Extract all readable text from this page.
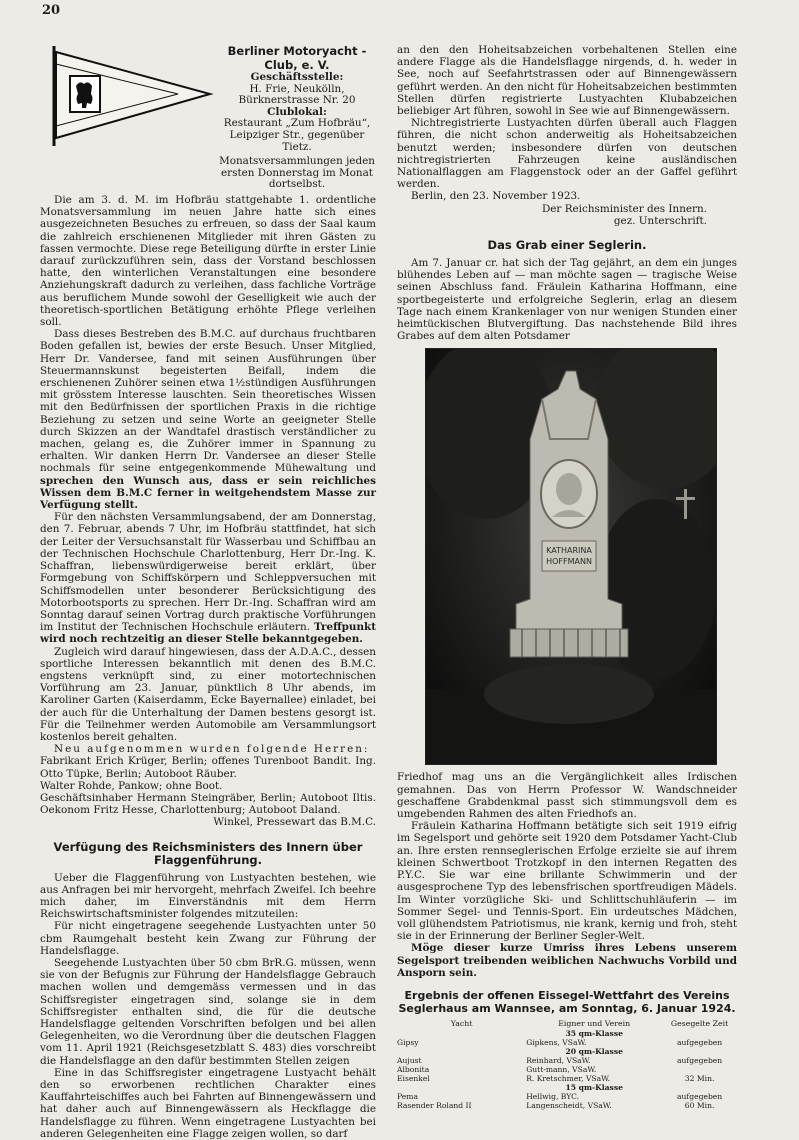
20
Berliner Motoryacht - Club, e. V.

Geschäftsstelle:

H. Frie, Neukölln, Bürknerstrasse Nr. 20

Clublokal:

Restaurant „Zum Hofbräu“, Leipziger Str., gegenüber Tietz.

Monatsversammlungen jeden ersten Donnerstag im Monat dortselbst.

Die am 3. d. M. im Hofbräu stattgehabte 1. ordentliche Monatsversammlung im neuen Jahre hatte sich eines ausgezeichneten Besuches zu erfreuen, so dass der Saal kaum die zahlreich erschienenen Mitglieder mit ihren Gästen zu fassen vermochte. Diese rege Beteiligung dürfte in erster Linie darauf zurückzuführen sein, dass der Vorstand beschlossen hatte, den winterlichen Veranstaltungen eine besondere Anziehungskraft dadurch zu verleihen, dass fachliche Vorträge aus beruflichem Munde sowohl der Geselligkeit wie auch der theoretisch-sportlichen Betätigung erhöhte Pflege verleihen soll.

Dass dieses Bestreben des B.M.C. auf durchaus fruchtbaren Boden gefallen ist, bewies der erste Besuch. Unser Mitglied, Herr Dr. Vandersee, fand mit seinen Ausführungen über Steuermannskunst begeisterten Beifall, indem die erschienenen Zuhörer seinen etwa 1½stündigen Ausführungen mit grösstem Interesse lauschten. Sein theoretisches Wissen mit den Bedürfnissen der sportlichen Praxis in die richtige Beziehung zu setzen und seine Worte an geeigneter Stelle durch Skizzen an der Wandtafel drastisch verständlicher zu machen, gelang es, die Zuhörer immer in Spannung zu erhalten. Wir danken Herrn Dr. Vandersee an dieser Stelle nochmals für seine entgegenkommende Mühewaltung und sprechen den Wunsch aus, dass er sein reichliches Wissen dem B.M.C ferner in weitgehendstem Masse zur Verfügung stellt.

Für den nächsten Versammlungsabend, der am Donnerstag, den 7. Februar, abends 7 Uhr, im Hofbräu stattfindet, hat sich der Leiter der Versuchsanstalt für Wasserbau und Schiffbau an der Technischen Hochschule Charlottenburg, Herr Dr.-Ing. K. Schaffran, liebenswürdigerweise bereit erklärt, über Formgebung von Schiffskörpern und Schleppversuchen mit Schiffsmodellen unter besonderer Berücksichtigung des Motorbootsports zu sprechen. Herr Dr.-Ing. Schaffran wird am Sonntag darauf seinen Vortrag durch praktische Vorführungen im Institut der Technischen Hochschule erläutern. Treffpunkt wird noch rechtzeitig an dieser Stelle bekanntgegeben.

Zugleich wird darauf hingewiesen, dass der A.D.A.C., dessen sportliche Interessen bekanntlich mit denen des B.M.C. engstens verknüpft sind, zu einer motortechnischen Vorführung am 23. Januar, pünktlich 8 Uhr abends, im Karoliner Garten (Kaiserdamm, Ecke Bayernallee) einladet, bei der auch für die Unterhaltung der Damen bestens gesorgt ist. Für die Teilnehmer werden Automobile am Versammlungsort kostenlos bereit gehalten.

Neu aufgenommen wurden folgende Herren:

Fabrikant Erich Krüger, Berlin; offenes Turenboot Bandit. Ing. Otto Tüpke, Berlin; Autoboot Räuber.

Walter Rohde, Pankow; ohne Boot.

Geschäftsinhaber Hermann Steingräber, Berlin; Autoboot Iltis. Oekonom Fritz Hesse, Charlottenburg; Autoboot Daland.

Winkel, Pressewart das B.M.C.

Verfügung des Reichsministers des Innern über Flaggenführung.

Ueber die Flaggenführung von Lustyachten bestehen, wie aus Anfragen bei mir hervorgeht, mehrfach Zweifel. Ich beehre mich daher, im Einverständnis mit dem Herrn Reichswirtschaftsminister folgendes mitzuteilen:

Für nicht eingetragene seegehende Lustyachten unter 50 cbm Raumgehalt besteht kein Zwang zur Führung der Handelsflagge.

Seegehende Lustyachten über 50 cbm BrR.G. müssen, wenn sie von der Befugnis zur Führung der Handelsflagge Gebrauch machen wollen und demgemäss vermessen und in das Schiffsregister eingetragen sind, solange sie in dem Schiffsregister enthalten sind, die für die deutsche Handelsflagge geltenden Vorschriften befolgen und bei allen Gelegenheiten, wo die Verordnung über die deutschen Flaggen vom 11. April 1921 (Reichsgesetzblatt S. 483) dies vorschreibt die Handelsflagge an den dafür bestimmten Stellen zeigen

Eine in das Schiffsregister eingetragene Lustyacht behält den so erworbenen rechtlichen Charakter eines Kauffahrteischiffes auch bei Fahrten auf Binnengewässern und hat daher auch auf Binnengewässern als Heckflagge die Handelsflagge zu führen. Wenn eingetragene Lustyachten bei anderen Gelegenheiten eine Flagge zeigen wollen, so darf

an den den Hoheitsabzeichen vorbehaltenen Stellen eine andere Flagge als die Handelsflagge nirgends, d. h. weder in See, noch auf Seefahrtstrassen oder auf Binnengewässern geführt werden. An den nicht für Hoheitsabzeichen bestimmten Stellen dürfen registrierte Lustyachten Klubabzeichen beliebiger Art führen, sowohl in See wie auf Binnengewässern.

Nichtregistrierte Lustyachten dürfen überall auch Flaggen führen, die nicht schon anderweitig als Hoheitsabzeichen benutzt werden; insbesondere dürfen von deutschen nichtregistrierten Fahrzeugen keine ausländischen Nationalflaggen am Flaggenstock oder an der Gaffel geführt werden.

Berlin, den 23. November 1923.

Der Reichsminister des Innern.

gez. Unterschrift.

Das Grab einer Seglerin.

Am 7. Januar cr. hat sich der Tag gejährt, an dem ein junges blühendes Leben auf — man möchte sagen — tragische Weise seinen Abschluss fand. Fräulein Katharina Hoffmann, eine sportbegeisterte und erfolgreiche Seglerin, erlag an diesem Tage nach einem Krankenlager von nur wenigen Stunden einer heimtückischen Blutvergiftung. Das nachstehende Bild ihres Grabes auf dem alten Potsdamer

KATHARINA
HOFFMANN

Friedhof mag uns an die Vergänglichkeit alles Irdischen gemahnen. Das von Herrn Professor W. Wandschneider geschaffene Grabdenkmal passt sich stimmungsvoll dem es umgebenden Rahmen des alten Friedhofs an.

Fräulein Katharina Hoffmann betätigte sich seit 1919 eifrig im Segelsport und gehörte seit 1920 dem Potsdamer Yacht-Club an. Ihre ersten rennseglerischen Erfolge erzielte sie auf ihrem kleinen Schwertboot Trotzkopf in den internen Regatten des P.Y.C. Sie war eine brillante Schwimmerin und der ausgesprochene Typ des lebensfrischen sportfreudigen Mädels. Im Winter vorzügliche Ski- und Schlittschuhläuferin — im Sommer Segel- und Tennis-Sport. Ein urdeutsches Mädchen, voll glühendstem Patriotismus, nie krank, kernig und froh, steht sie in der Erinnerung der Berliner Segler-Welt.

Möge dieser kurze Umriss ihres Lebens unserem Segelsport treibenden weiblichen Nachwuchs Vorbild und Ansporn sein.

Ergebnis der offenen Eissegel-Wettfahrt des Vereins Seglerhaus am Wannsee, am Sonntag, 6. Januar 1924.
Yacht	Eigner und Verein	Gesegelte Zeit
	35 qm-Klasse	
Gipsy	Gipkens, VSaW.	aufgegeben
	20 qm-Klasse	
Aujust	Reinhard, VSaW.	aufgegeben
Albonita	Gutt-mann, VSaW.	
Eisenkel	R. Kretschmer, VSaW.	32 Min.
	15 qm-Klasse	
Pema	Hellwig, BYC.	aufgegeben
Rasender Roland II	Langenscheidt, VSaW.	60 Min.
